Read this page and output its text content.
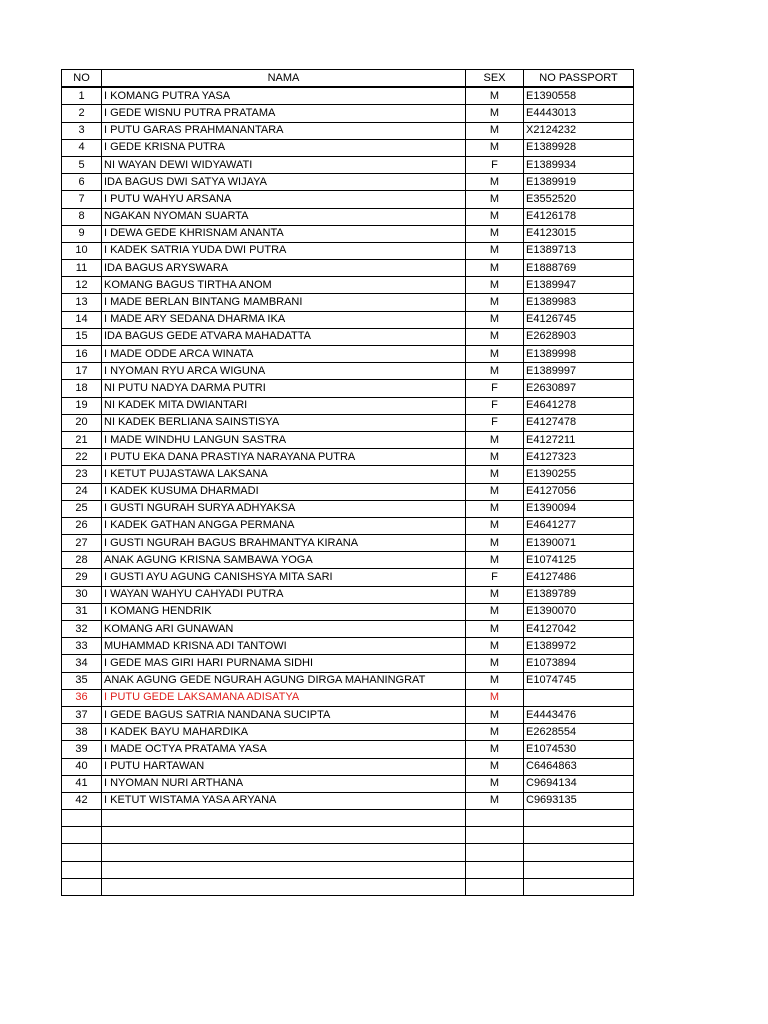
NO	NAMA	SEX	NO PASSPORT
1	I KOMANG PUTRA YASA	M	E1390558
2	I GEDE WISNU PUTRA PRATAMA	M	E4443013
3	I PUTU GARAS PRAHMANANTARA	M	X2124232
4	I GEDE KRISNA PUTRA	M	E1389928
5	NI WAYAN DEWI WIDYAWATI	F	E1389934
6	IDA BAGUS DWI SATYA WIJAYA	M	E1389919
7	I PUTU WAHYU ARSANA	M	E3552520
8	NGAKAN NYOMAN SUARTA	M	E4126178
9	I DEWA GEDE KHRISNAM ANANTA	M	E4123015
10	I KADEK SATRIA YUDA DWI PUTRA	M	E1389713
11	IDA BAGUS ARYSWARA	M	E1888769
12	KOMANG BAGUS TIRTHA ANOM	M	E1389947
13	I MADE BERLAN BINTANG MAMBRANI	M	E1389983
14	I MADE ARY SEDANA DHARMA IKA	M	E4126745
15	IDA BAGUS GEDE ATVARA MAHADATTA	M	E2628903
16	I MADE ODDE ARCA WINATA	M	E1389998
17	I NYOMAN RYU ARCA WIGUNA	M	E1389997
18	NI PUTU NADYA DARMA PUTRI	F	E2630897
19	NI KADEK MITA DWIANTARI	F	E4641278
20	NI KADEK BERLIANA SAINSTISYA	F	E4127478
21	I MADE WINDHU LANGUN SASTRA	M	E4127211
22	I PUTU EKA DANA PRASTIYA NARAYANA PUTRA	M	E4127323
23	I KETUT PUJASTAWA LAKSANA	M	E1390255
24	I KADEK KUSUMA DHARMADI	M	E4127056
25	I GUSTI NGURAH SURYA ADHYAKSA	M	E1390094
26	I KADEK GATHAN ANGGA PERMANA	M	E4641277
27	I GUSTI NGURAH BAGUS BRAHMANTYA KIRANA	M	E1390071
28	ANAK AGUNG KRISNA SAMBAWA YOGA	M	E1074125
29	I GUSTI AYU AGUNG CANISHSYA MITA SARI	F	E4127486
30	I WAYAN WAHYU CAHYADI PUTRA	M	E1389789
31	I KOMANG HENDRIK	M	E1390070
32	KOMANG ARI GUNAWAN	M	E4127042
33	MUHAMMAD KRISNA ADI TANTOWI	M	E1389972
34	I GEDE MAS GIRI HARI PURNAMA SIDHI	M	E1073894
35	ANAK AGUNG GEDE NGURAH AGUNG DIRGA MAHANINGRAT	M	E1074745
36	I PUTU GEDE LAKSAMANA ADISATYA	M	
37	I GEDE BAGUS SATRIA NANDANA SUCIPTA	M	E4443476
38	I KADEK BAYU MAHARDIKA	M	E2628554
39	I MADE OCTYA PRATAMA YASA	M	E1074530
40	I PUTU HARTAWAN	M	C6464863
41	I NYOMAN NURI ARTHANA	M	C9694134
42	I KETUT WISTAMA YASA ARYANA	M	C9693135
